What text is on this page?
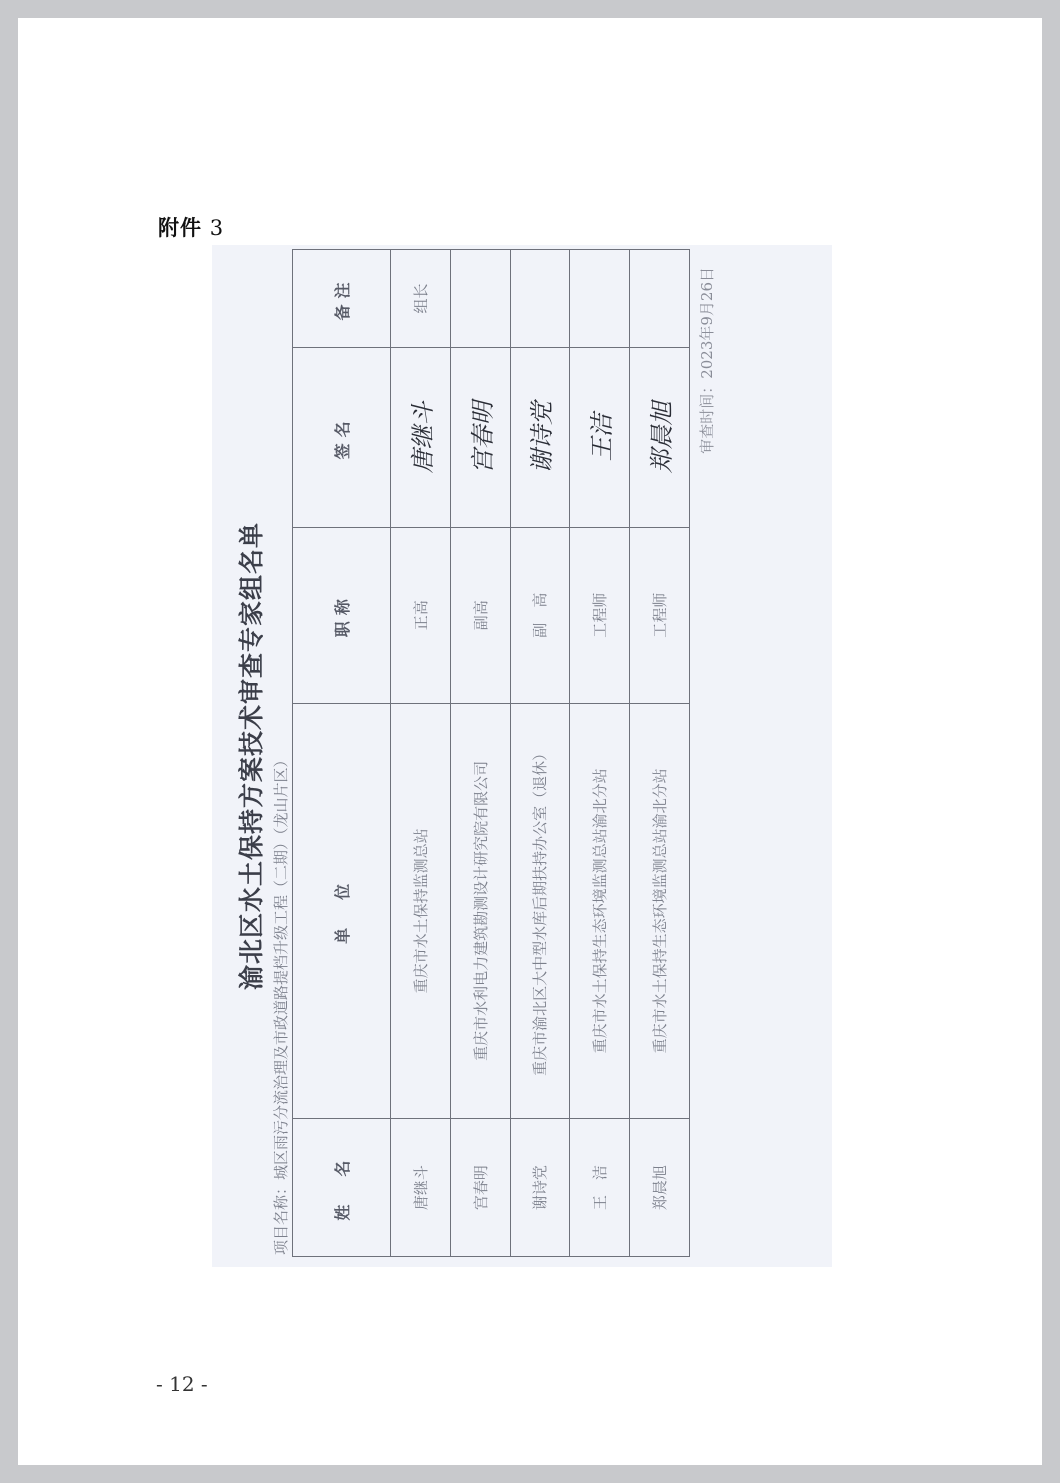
附件 3
渝北区水土保持方案技术审查专家组名单 项目名称：城区雨污分流治理及市政道路提档升级工程（二期）（龙山片区）	姓　名	单　位	职称	签名	备注
唐继斗	重庆市水土保持监测总站	正高	唐继斗	组长
宫春明	重庆市水利电力建筑勘测设计研究院有限公司	副高	宫春明	
谢诗党	重庆市渝北区大中型水库后期扶持办公室（退休）	副　高	谢诗党	
王　洁	重庆市水土保持生态环境监测总站渝北分站	工程师	王洁	
郑晨旭	重庆市水土保持生态环境监测总站渝北分站	工程师	郑晨旭	审查时间：2023年9月26日
- 12 -
